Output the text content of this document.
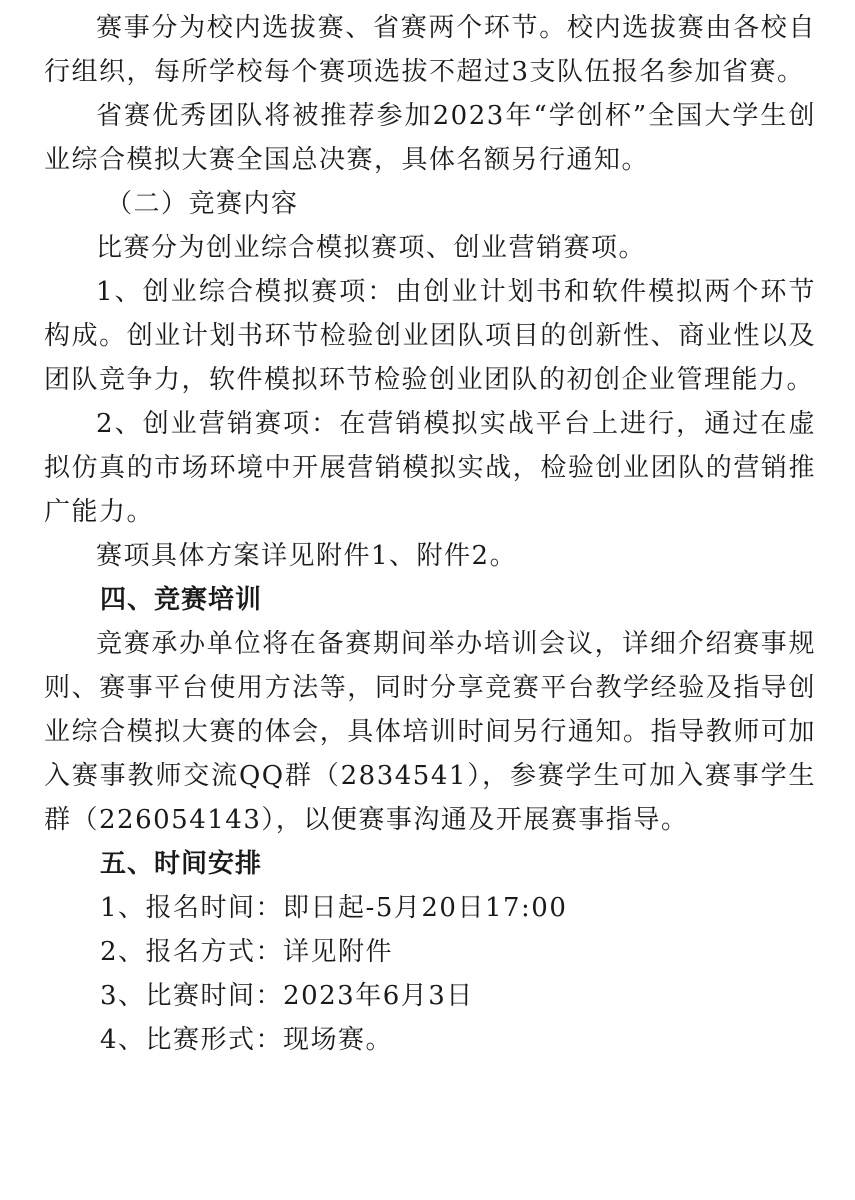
赛事分为校内选拔赛、省赛两个环节。校内选拔赛由各校自行组织，每所学校每个赛项选拔不超过3支队伍报名参加省赛。

省赛优秀团队将被推荐参加2023年“学创杯”全国大学生创业综合模拟大赛全国总决赛，具体名额另行通知。

（二）竞赛内容

比赛分为创业综合模拟赛项、创业营销赛项。

1、创业综合模拟赛项：由创业计划书和软件模拟两个环节构成。创业计划书环节检验创业团队项目的创新性、商业性以及团队竞争力，软件模拟环节检验创业团队的初创企业管理能力。

2、创业营销赛项：在营销模拟实战平台上进行，通过在虚拟仿真的市场环境中开展营销模拟实战，检验创业团队的营销推广能力。

赛项具体方案详见附件1、附件2。

四、竞赛培训

竞赛承办单位将在备赛期间举办培训会议，详细介绍赛事规则、赛事平台使用方法等，同时分享竞赛平台教学经验及指导创业综合模拟大赛的体会，具体培训时间另行通知。指导教师可加入赛事教师交流QQ群（2834541），参赛学生可加入赛事学生群（226054143），以便赛事沟通及开展赛事指导。

五、时间安排

1、报名时间：即日起-5月20日17:00

2、报名方式：详见附件

3、比赛时间：2023年6月3日

4、比赛形式：现场赛。
